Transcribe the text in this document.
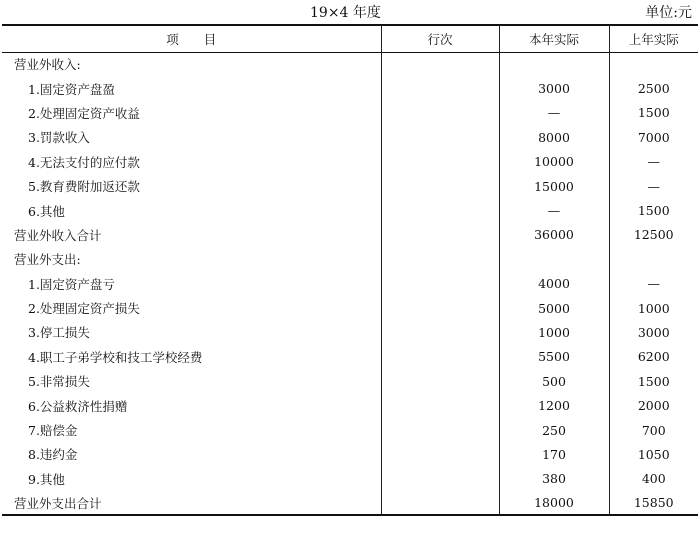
19×4 年度	单位:元
项　　目	行次	本年实际	上年实际
营业外收入:			
1.固定资产盘盈		3000	2500
2.处理固定资产收益		—	1500
3.罚款收入		8000	7000
4.无法支付的应付款		10000	—
5.教育费附加返还款		15000	—
6.其他		—	1500
营业外收入合计		36000	12500
营业外支出:			
1.固定资产盘亏		4000	—
2.处理固定资产损失		5000	1000
3.停工损失		1000	3000
4.职工子弟学校和技工学校经费		5500	6200
5.非常损失		500	1500
6.公益救济性捐赠		1200	2000
7.赔偿金		250	700
8.违约金		170	1050
9.其他		380	400
营业外支出合计		18000	15850
